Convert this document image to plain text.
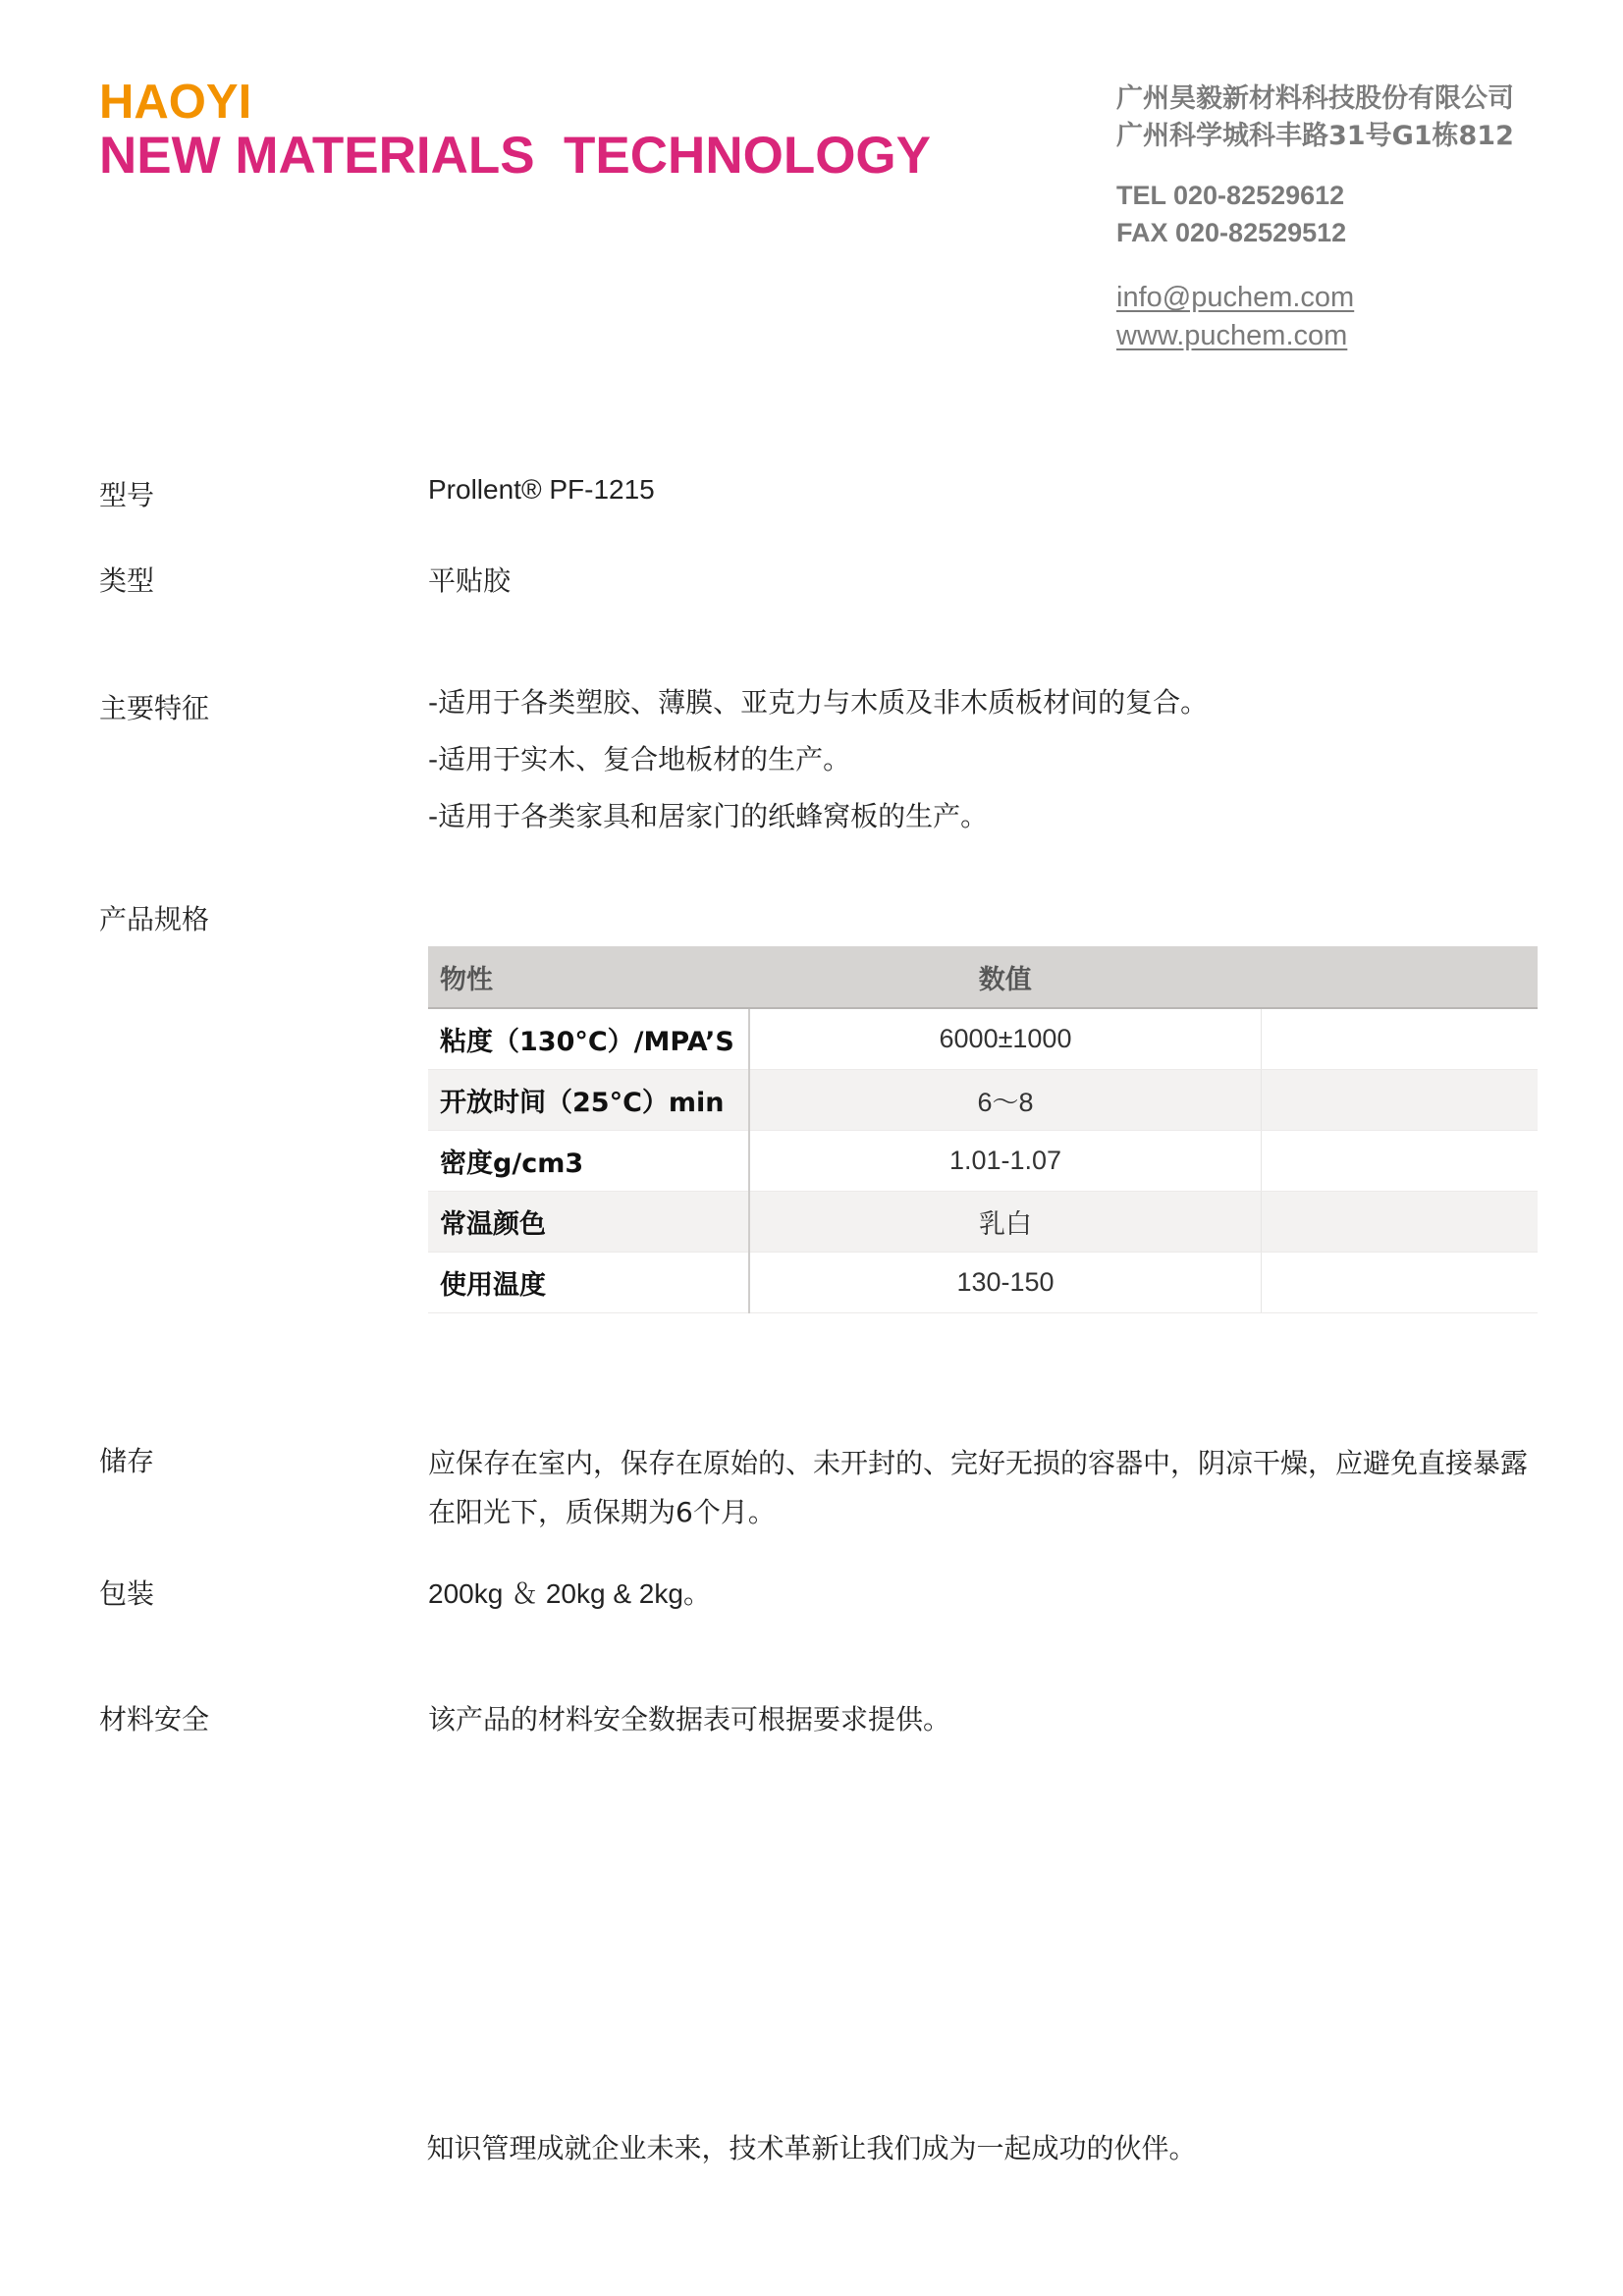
HAOYI
NEW MATERIALS  TECHNOLOGY
广州昊毅新材料科技股份有限公司
广州科学城科丰路31号G1栋812
TEL 020-82529612
FAX 020-82529512
info@puchem.com
www.puchem.com
型号	Prollent® PF-1215
类型	平贴胶
主要特征	-适用于各类塑胶、薄膜、亚克力与木质及非木质板材间的复合。
-适用于实木、复合地板材的生产。
-适用于各类家具和居家门的纸蜂窝板的生产。
产品规格
物性	数值	
粘度（130°C）/MPA’S	6000±1000	
开放时间（25°C）min	6～8	
密度g/cm3	1.01-1.07	
常温颜色	乳白	
使用温度	130-150	
储存	应保存在室内，保存在原始的、未开封的、完好无损的容器中，阴凉干燥，应避免直接暴露在阳光下，质保期为6个月。
包装	200kg ＆ 20kg & 2kg。
材料安全	该产品的材料安全数据表可根据要求提供。
知识管理成就企业未来，技术革新让我们成为一起成功的伙伴。
